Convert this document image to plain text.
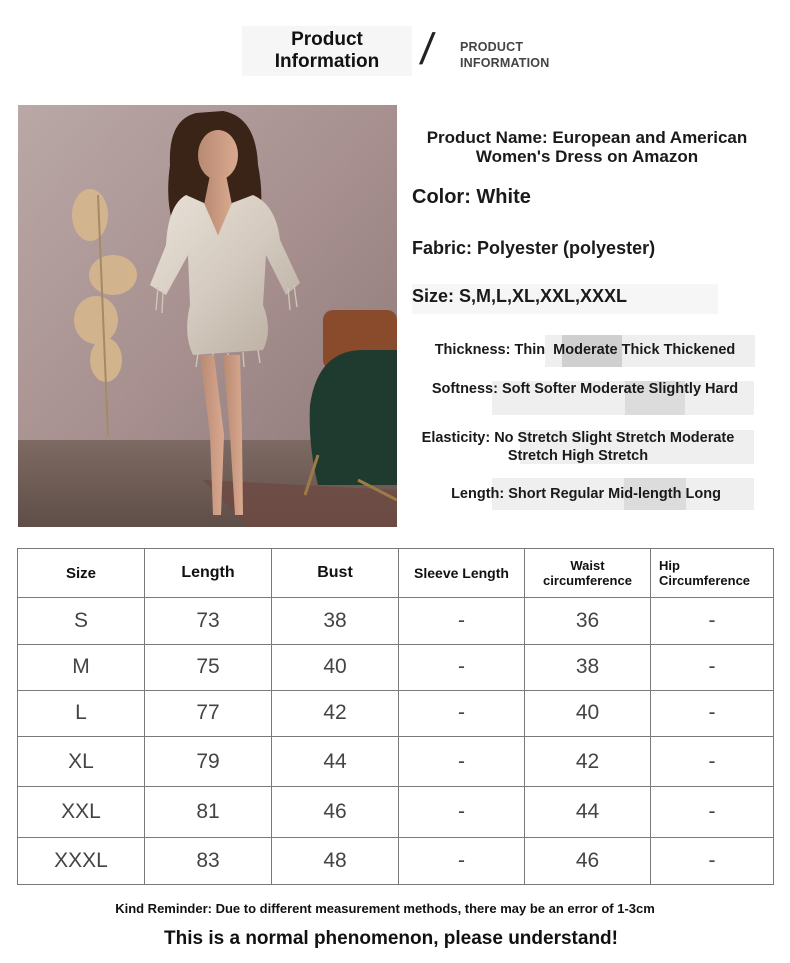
Product
Information / PRODUCT
INFORMATION
Product Name: European and American Women's Dress on Amazon
Color: White
Fabric: Polyester (polyester)
Size: S,M,L,XL,XXL,XXXL
Thickness: Thin Moderate Thick Thickened
Softness: Soft Softer Moderate Slightly Hard
Elasticity: No Stretch Slight Stretch Moderate Stretch High Stretch
Length: Short Regular Mid-length Long
Size	Length	Bust	Sleeve Length	Waist circumference	Hip Circumference
S	73	38	-	36	-
M	75	40	-	38	-
L	77	42	-	40	-
XL	79	44	-	42	-
XXL	81	46	-	44	-
XXXL	83	48	-	46	-
Kind Reminder: Due to different measurement methods, there may be an error of 1-3cm
This is a normal phenomenon, please understand!
